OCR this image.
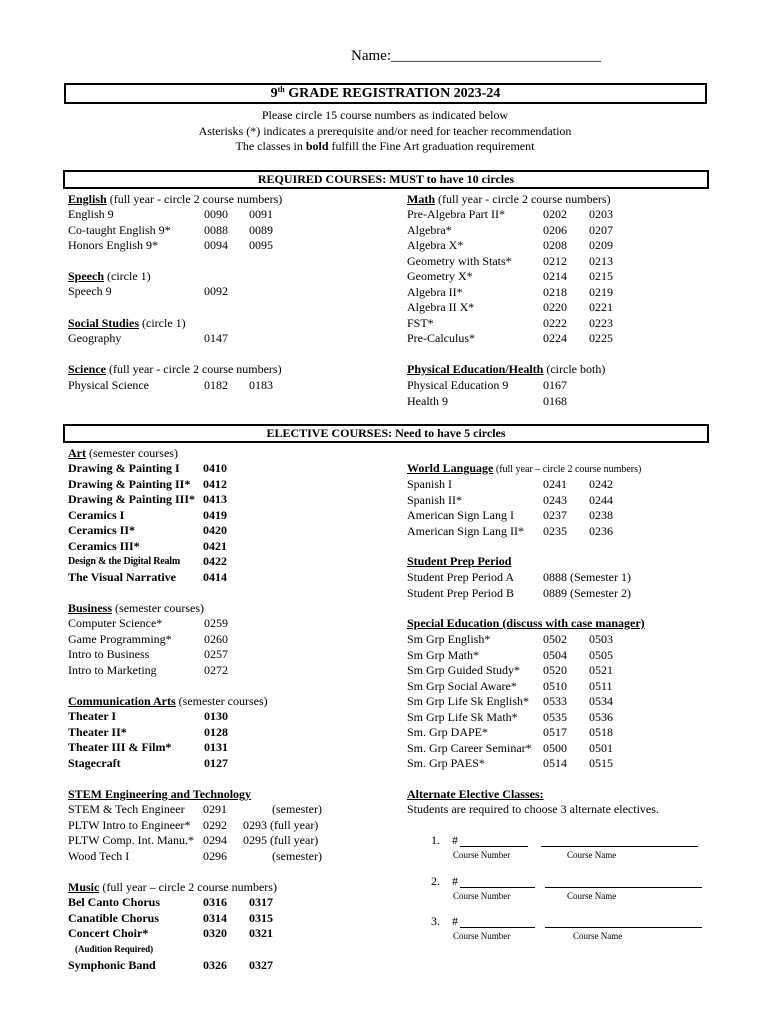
Name:____________________________
9th GRADE REGISTRATION 2023-24
Please circle 15 course numbers as indicated below
Asterisks (*) indicates a prerequisite and/or need for teacher recommendation
The classes in bold fulfill the Fine Art graduation requirement
REQUIRED COURSES: MUST to have 10 circles
ELECTIVE COURSES: Need to have 5 circles
English (full year - circle 2 course numbers)
English 9	0090 0091
Co-taught English 9*	0088 0089
Honors English 9*	0094 0095
Speech (circle 1)
Speech 9	0092
Social Studies (circle 1)
Geography	0147
Science (full year - circle 2 course numbers)
Physical Science	0182 0183
Math (full year - circle 2 course numbers)
Pre-Algebra Part II*	0202 0203
Algebra*	0206 0207
Algebra X*	0208 0209
Geometry with Stats*	0212 0213
Geometry X*	0214 0215
Algebra II*	0218 0219
Algebra II X*	0220 0221
FST*	0222 0223
Pre-Calculus*	0224 0225
Physical Education/Health (circle both)
Physical Education 9	0167
Health 9	0168
Art (semester courses)
Drawing & Painting I 0410
Drawing & Painting II* 0412
Drawing & Painting III* 0413
Ceramics I	0419
Ceramics II*	0420
Ceramics III*	0421
Design & the Digital Realm 0422
The Visual Narrative 0414
Business (semester courses)
Computer Science*	0259
Game Programming*	0260
Intro to Business	0257
Intro to Marketing	0272
Communication Arts (semester courses)
Theater I	0130
Theater II*	0128
Theater III & Film*	0131
Stagecraft	0127
STEM Engineering and Technology
STEM & Tech Engineer 0291	(semester)
PLTW Intro to Engineer* 0292 0293 (full year)
PLTW Comp. Int. Manu.* 0294 0295 (full year)
Wood Tech I	0296	(semester)
Music (full year – circle 2 course numbers)
Bel Canto Chorus	0316 0317
Canatible Chorus	0314 0315
Concert Choir*	0320 0321
(Audition Required)
Symphonic Band	0326 0327
World Language (full year – circle 2 course numbers)
Spanish I	0241 0242
Spanish II*	0243 0244
American Sign Lang I 0237 0238
American Sign Lang II* 0235 0236
Student Prep Period
Student Prep Period A 0888 (Semester 1)
Student Prep Period B 0889 (Semester 2)
Special Education (discuss with case manager)
Sm Grp English*	0502 0503
Sm Grp Math*	0504 0505
Sm Grp Guided Study* 0520 0521
Sm Grp Social Aware* 0510 0511
Sm Grp Life Sk English* 0533 0534
Sm Grp Life Sk Math* 0535 0536
Sm. Grp DAPE*	0517 0518
Sm. Grp Career Seminar* 0500 0501
Sm. Grp PAES*	0514 0515
Alternate Elective Classes:
Students are required to choose 3 alternate electives.
1. #
Course Number	Course Name
2. #
Course Number	Course Name
3. #
Course Number	Course Name
